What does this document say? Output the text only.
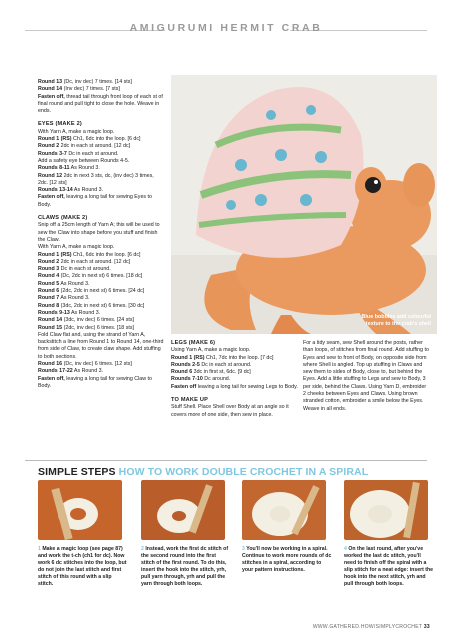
AMIGURUMI HERMIT CRAB

Round 13 (Dc, inv dec) 7 times. [14 sts]

Round 14 (Inv dec) 7 times. [7 sts]

Fasten off, thread tail through front loop of each st of final round and pull tight to close the hole. Weave in ends.

EYES (MAKE 2)

With Yarn A, make a magic loop.

Round 1 (RS) Ch1, 6dc into the loop. [6 dc]

Round 2 2dc in each st around. [12 dc]

Rounds 3-7 Dc in each st around.

Add a safety eye between Rounds 4-5.

Rounds 8-11 As Round 3.

Round 12 2dc in next 3 sts, dc, (inv dec) 3 times, 2dc. [12 sts]

Rounds 13-14 As Round 3.

Fasten off, leaving a long tail for sewing Eyes to Body.

CLAWS (MAKE 2)

Snip off a 25cm length of Yarn A; this will be used to sew the Claw into shape before you stuff and finish the Claw.

With Yarn A, make a magic loop.

Round 1 (RS) Ch1, 6dc into the loop. [6 dc]

Round 2 2dc in each st around. [12 dc]

Round 3 Dc in each st around.

Round 4 (Dc, 2dc in next st) 6 times. [18 dc]

Round 5 As Round 3.

Round 6 (2dc, 2dc in next st) 6 times. [24 dc]

Round 7 As Round 3.

Round 8 (3dc, 2dc in next st) 6 times. [30 dc]

Rounds 9-13 As Round 3.

Round 14 (3dc, inv dec) 6 times. [24 sts]

Round 15 (2dc, inv dec) 6 times. [18 sts]

Fold Claw flat and, using the strand of Yarn A, backstitch a line from Round 1 to Round 14, one-third from side of Claw, to create claw shape. Add stuffing to both sections.

Round 16 (Dc, inv dec) 6 times. [12 sts]

Rounds 17-22 As Round 3.

Fasten off, leaving a long tail for sewing Claw to Body.

Blue bobbles add colourful
texture to the crab's shell
LEGS (MAKE 6)

Using Yarn A, make a magic loop.

Round 1 (RS) Ch1, 7dc into the loop. [7 dc]

Rounds 2-5 Dc in each st around.

Round 6 3dc in first st, 6dc. [9 dc]

Rounds 7-10 Dc around.

Fasten off leaving a long tail for sewing Legs to Body.

TO MAKE UP

Stuff Shell. Place Shell over Body at an angle so it covers more of one side, then sew in place.

For a tidy seam, sew Shell around the posts, rather than loops, of stitches from final round. Add stuffing to Eyes and sew to front of Body, on opposite side from where Shell is angled. Top up stuffing in Claws and sew them to sides of Body, close to, but behind the Eyes. Add a little stuffing to Legs and sew to Body, 3 per side, behind the Claws. Using Yarn D, embroider 2 cheeks between Eyes and Claws. Using brown stranded cotton, embroider a smile below the Eyes. Weave in all ends.

SIMPLE STEPS HOW TO WORK DOUBLE CROCHET IN A SPIRAL
1 Make a magic loop (see page 87) and work the t-ch (ch1 for dc). Now work 6 dc stitches into the loop, but do not join the last stitch and first stitch of this round with a slip stitch.
2 Instead, work the first dc stitch of the second round into the first stitch of the first round. To do this, insert the hook into the stitch, yrh, pull yarn through, yrh and pull the yarn through both loops.
3 You'll now be working in a spiral. Continue to work more rounds of dc stitches in a spiral, according to your pattern instructions.
4 On the last round, after you've worked the last dc stitch, you'll need to finish off the spiral with a slip stitch for a neat edge: insert the hook into the next stitch, yrh and pull through both loops.
WWW.GATHERED.HOW/SIMPLYCROCHET 33
